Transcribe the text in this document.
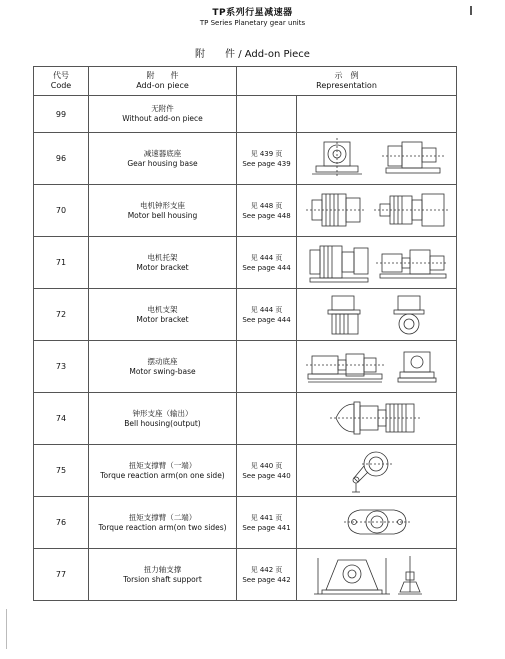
TP系列行星减速器
TP Series Planetary gear units
附　　件 / Add-on Piece
代号
Code	附　　件
Add-on piece	示　例
Representation	

99	无附件
Without add-on piece		

96	减速器底座
Gear housing base	见 439 页
See page 439

70	电机钟形支座
Motor bell housing	见 448 页
See page 448

71	电机托架
Motor bracket	见 444 页
See page 444

72	电机支架
Motor bracket	见 444 页
See page 444

73	摆动底座
Motor swing-base

74	钟形支座（输出）
Bell housing(output)

75	扭矩支撑臂（一端）
Torque reaction arm(on one side)	见 440 页
See page 440

76	扭矩支撑臂（二端）
Torque reaction arm(on two sides)	见 441 页
See page 441

77	扭力轴支撑
Torsion shaft support	见 442 页
See page 442
